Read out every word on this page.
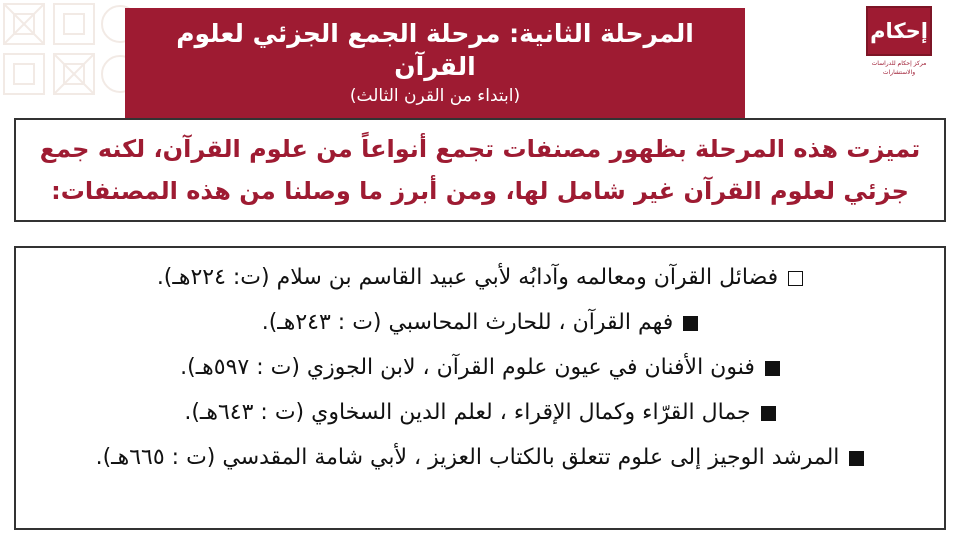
المرحلة الثانية: مرحلة الجمع الجزئي لعلوم القرآن
(ابتداء من القرن الثالث)
إحكام
مركز إحكام للدراسات
والاستشارات
تميزت هذه المرحلة بظهور مصنفات تجمع أنواعاً من علوم القرآن، لكنه جمع جزئي لعلوم القرآن غير شامل لها، ومن أبرز ما وصلنا من هذه المصنفات:
فضائل القرآن ومعالمه وآدابُه لأبي عبيد القاسم بن سلام (ت: ٢٢٤هـ).
فهم القرآن ، للحارث المحاسبي (ت : ٢٤٣هـ).
فنون الأفنان في عيون علوم القرآن ، لابن الجوزي (ت : ٥٩٧هـ).
جمال القرّاء وكمال الإقراء ، لعلم الدين السخاوي (ت : ٦٤٣هـ).
المرشد الوجيز إلى علوم تتعلق بالكتاب العزيز ، لأبي شامة المقدسي (ت : ٦٦٥هـ).
